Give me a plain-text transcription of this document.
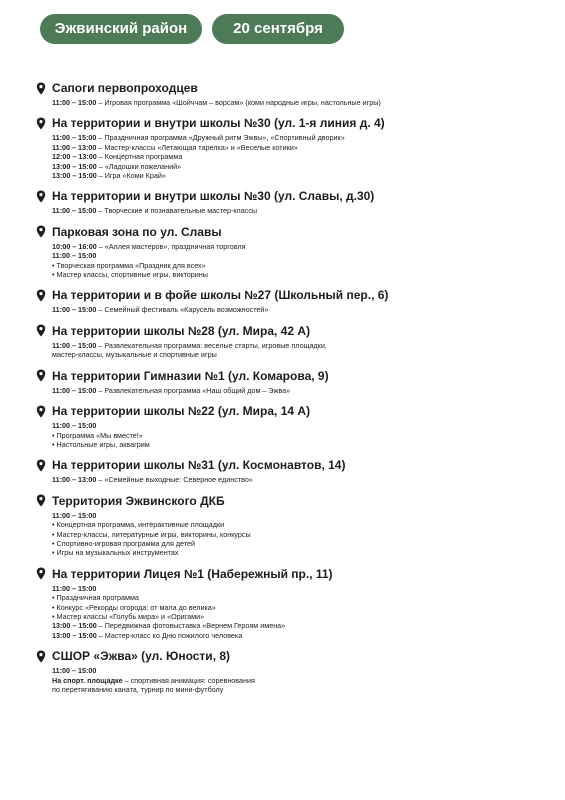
Эжвинский район	20 сентября
Сапоги первопроходцев
11:00 – 15:00 – Игровая программа «Шойччам – ворсам» (коми народные игры, настольные игры)
На территории и внутри школы №30 (ул. 1-я линия д. 4)
11:00 – 15:00 – Праздничная программа «Дружный ритм Эжвы», «Спортивный дворик»
11:00 – 13:00 – Мастер-классы «Летающая тарелка» и «Веселые котики»
12:00 – 13:00 – Концертная программа
13:00 – 15:00 – «Ладошки пожеланий»
13:00 – 15:00 – Игра «Коми Край»
На территории и внутри школы №30 (ул. Славы, д.30)
11:00 – 15:00 – Творческие и познавательные мастер-классы
Парковая зона по ул. Славы
10:00 – 16:00 – «Аллея мастеров», праздничная торговля
11:00 – 15:00
• Творческая программа «Праздник для всех»
• Мастер классы, спортивные игры, викторины
На территории и в фойе школы №27 (Школьный пер., 6)
11:00 – 15:00 – Семейный фестиваль «Карусель возможностей»
На территории школы №28 (ул. Мира, 42 А)
11:00 – 15:00 – Развлекательная программа: веселые старты, игровые площадки,
мастер-классы, музыкальные и спортивные игры
На территории Гимназии №1 (ул. Комарова, 9)
11:00 – 15:00 – Развлекательная программа «Наш общий дом – Эжва»
На территории школы №22 (ул. Мира, 14 А)
11:00 – 15:00
• Программа «Мы вместе!»
• Настольные игры, аквагрим
На территории школы №31 (ул. Космонавтов, 14)
11:00 – 13:00 – «Семейные выходные: Северное единство»
Территория Эжвинского ДКБ
11:00 – 15:00
• Концертная программа, интерактивные площадки
• Мастер-классы, литературные игры, викторины, конкурсы
• Спортивно-игровая программа для детей
• Игры на музыкальных инструментах
На территории Лицея №1 (Набережный пр., 11)
11:00 – 15:00
• Праздничная программа
• Конкурс «Рекорды огорода: от мала до велика»
• Мастер классы «Голубь мира» и «Оригами»
13:00 – 15:00 – Передвижная фотовыставка «Вернем Героям имена»
13:00 – 15:00 – Мастер-класс ко Дню пожилого человека
СШОР «Эжва» (ул. Юности, 8)
11:00 – 15:00
На спорт. площадке – спортивная анимация: соревнования
по перетягиванию каната, турнир по мини-футболу
